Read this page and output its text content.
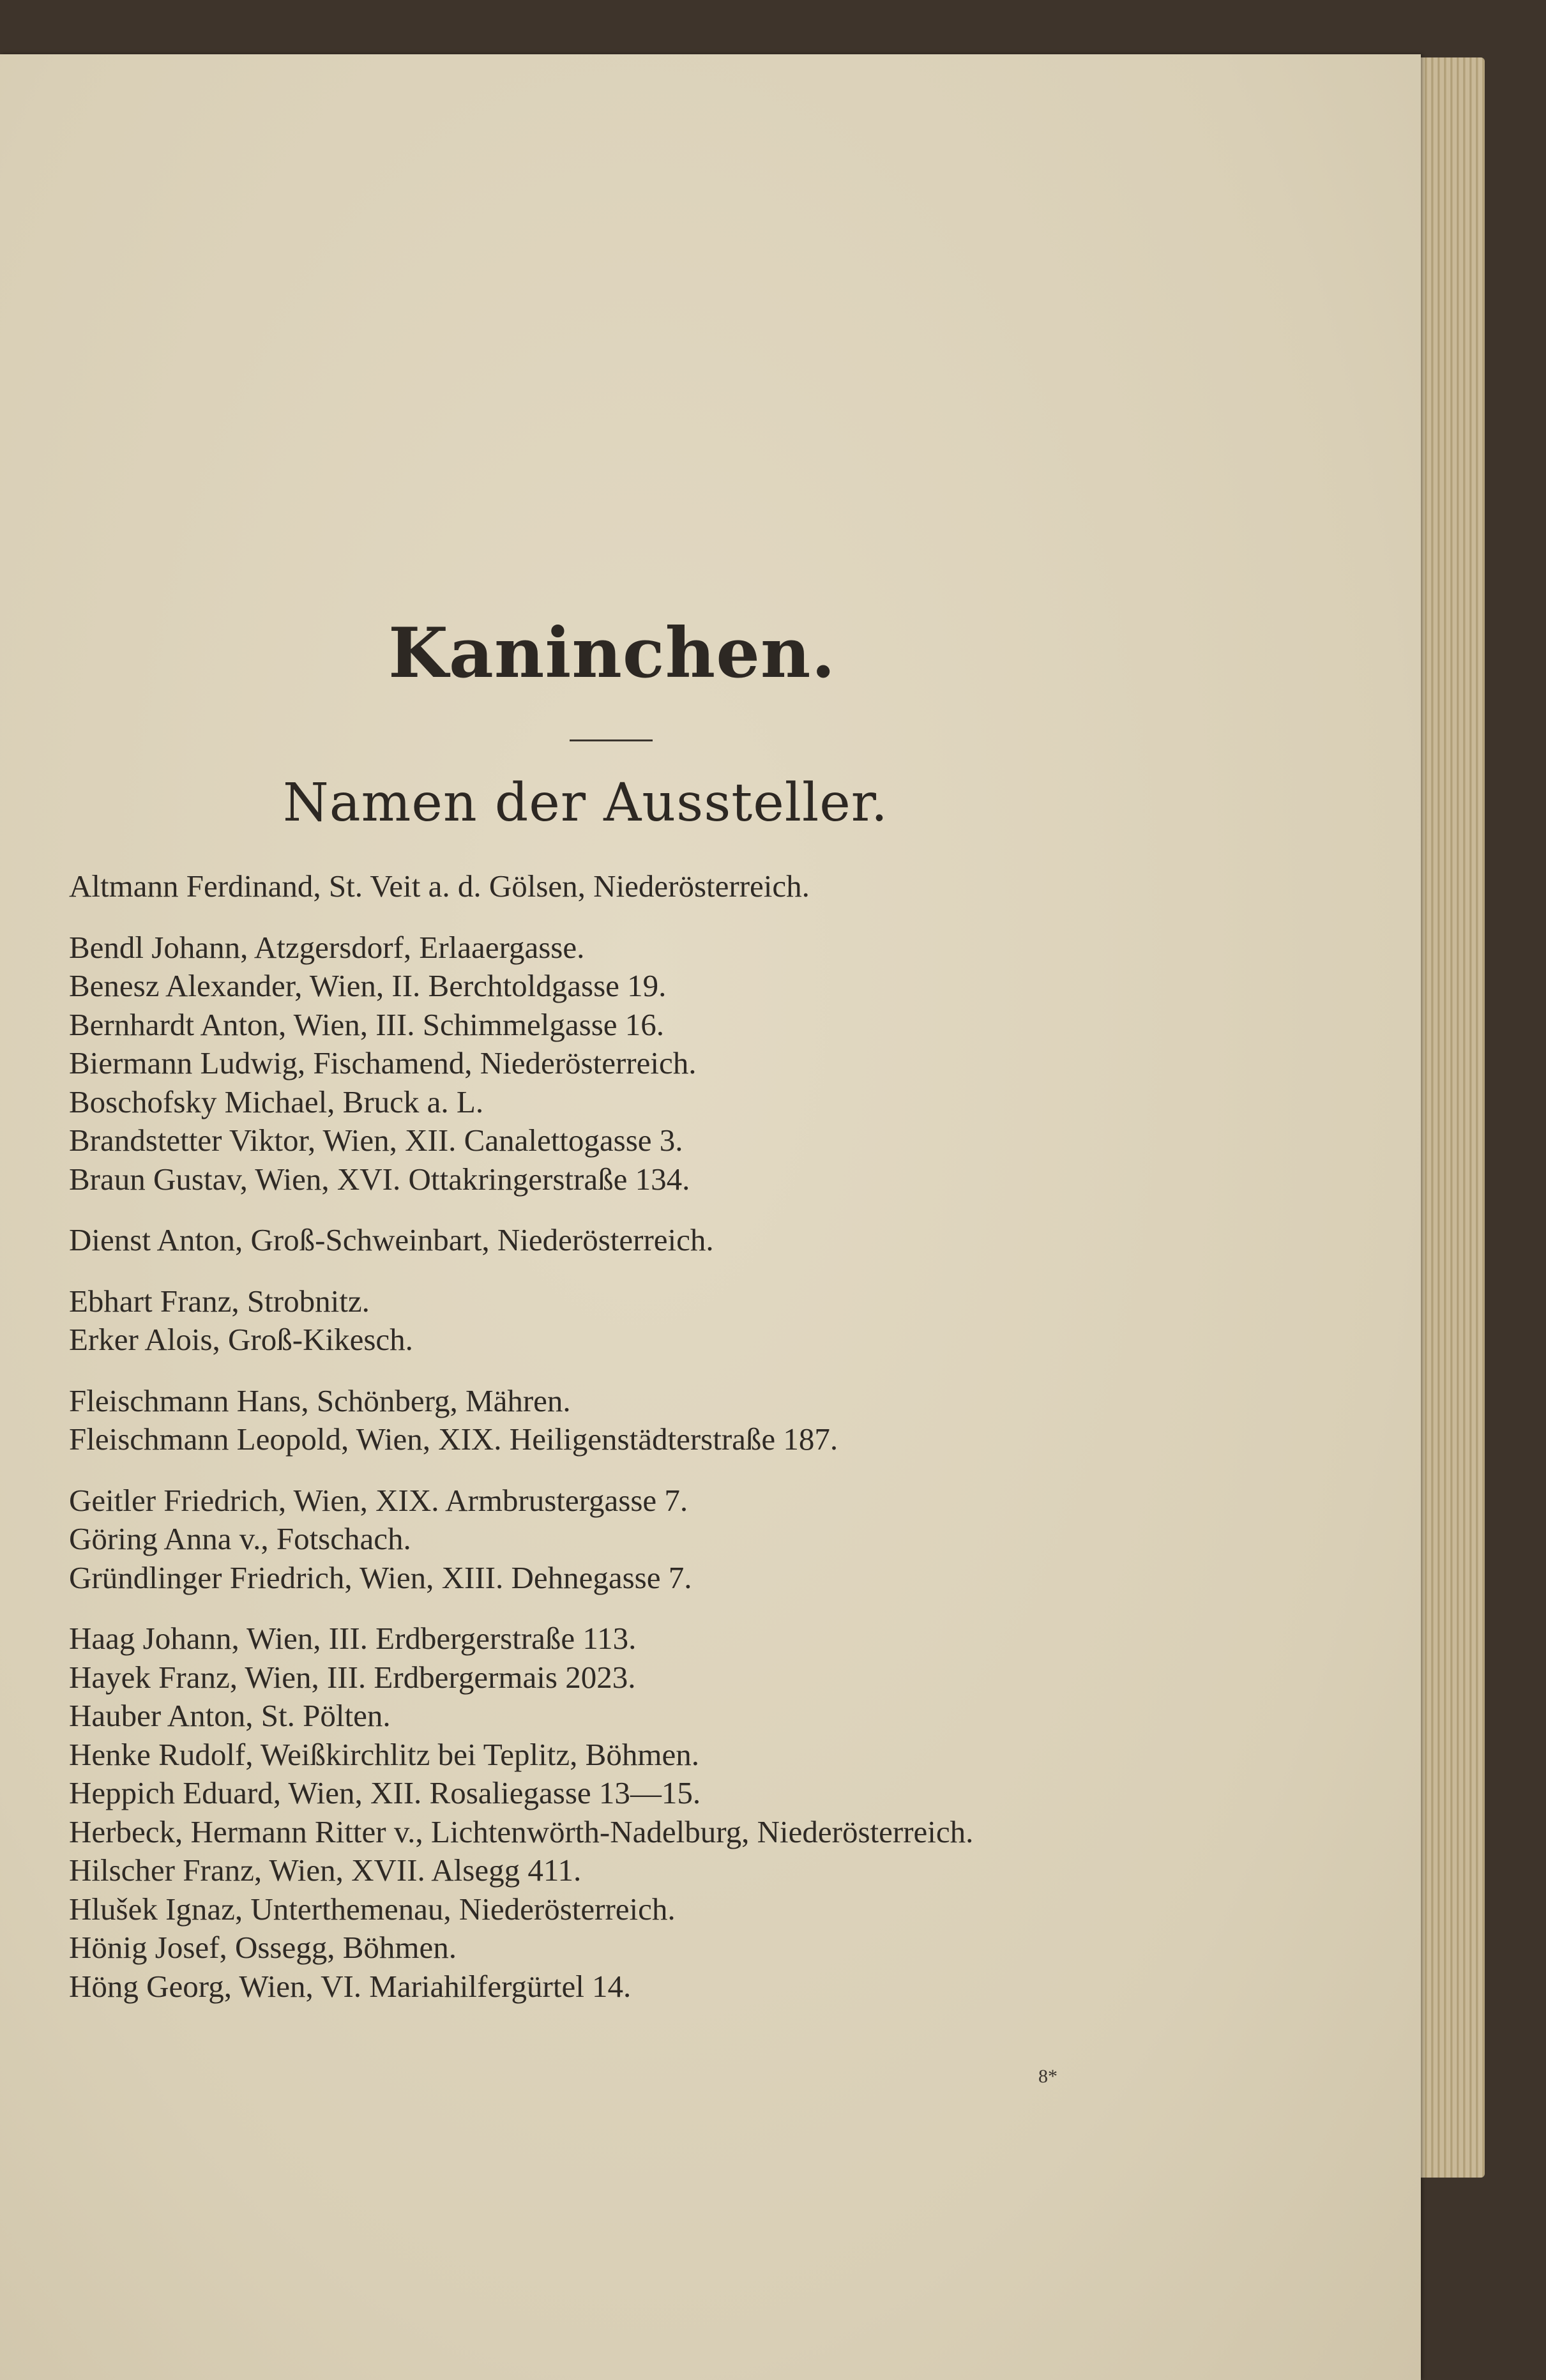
Kaninchen.
Namen der Aussteller.
Altmann Ferdinand, St. Veit a. d. Gölsen, Niederösterreich.
Bendl Johann, Atzgersdorf, Erlaaergasse.
Benesz Alexander, Wien, II. Berchtoldgasse 19.
Bernhardt Anton, Wien, III. Schimmelgasse 16.
Biermann Ludwig, Fischamend, Niederösterreich.
Boschofsky Michael, Bruck a. L.
Brandstetter Viktor, Wien, XII. Canalettogasse 3.
Braun Gustav, Wien, XVI. Ottakringerstraße 134.
Dienst Anton, Groß-Schweinbart, Niederösterreich.
Ebhart Franz, Strobnitz.
Erker Alois, Groß-Kikesch.
Fleischmann Hans, Schönberg, Mähren.
Fleischmann Leopold, Wien, XIX. Heiligenstädterstraße 187.
Geitler Friedrich, Wien, XIX. Armbrustergasse 7.
Göring Anna v., Fotschach.
Gründlinger Friedrich, Wien, XIII. Dehnegasse 7.
Haag Johann, Wien, III. Erdbergerstraße 113.
Hayek Franz, Wien, III. Erdbergermais 2023.
Hauber Anton, St. Pölten.
Henke Rudolf, Weißkirchlitz bei Teplitz, Böhmen.
Heppich Eduard, Wien, XII. Rosaliegasse 13—15.
Herbeck, Hermann Ritter v., Lichtenwörth-Nadelburg, Niederösterreich.
Hilscher Franz, Wien, XVII. Alsegg 411.
Hlušek Ignaz, Unterthemenau, Niederösterreich.
Hönig Josef, Ossegg, Böhmen.
Höng Georg, Wien, VI. Mariahilfergürtel 14.
8*
